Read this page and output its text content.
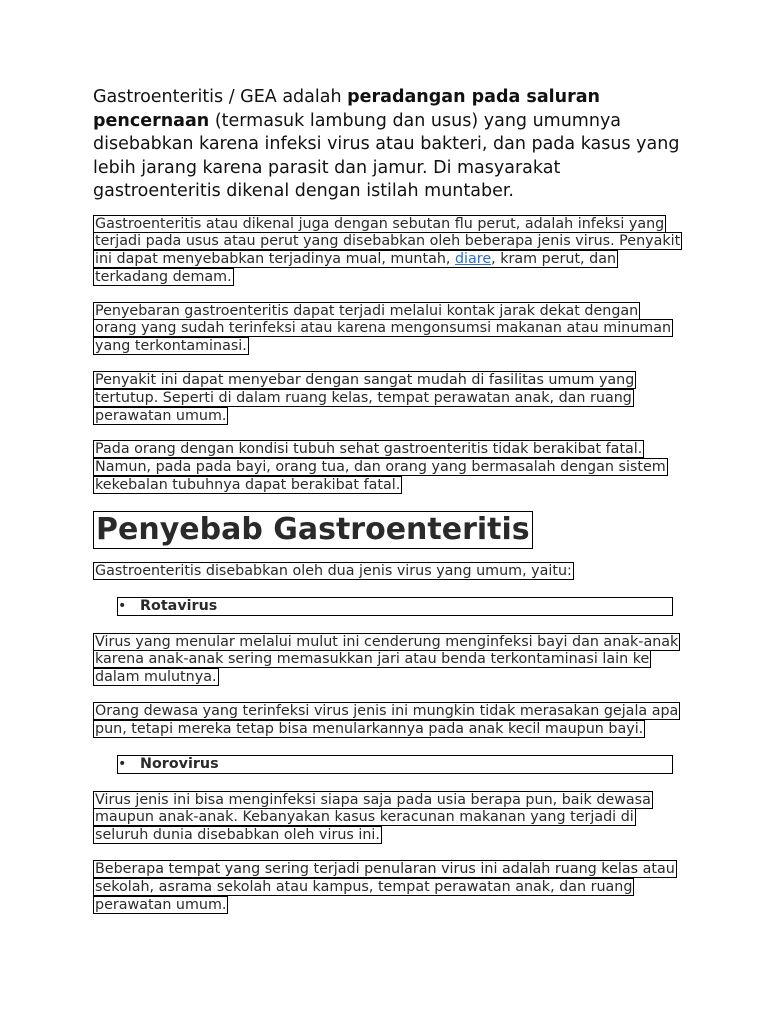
Gastroenteritis / GEA adalah peradangan pada saluran pencernaan (termasuk lambung dan usus) yang umumnya disebabkan karena infeksi virus atau bakteri, dan pada kasus yang lebih jarang karena parasit dan jamur. Di masyarakat gastroenteritis dikenal dengan istilah muntaber.

Gastroenteritis atau dikenal juga dengan sebutan flu perut, adalah infeksi yang terjadi pada usus atau perut yang disebabkan oleh beberapa jenis virus. Penyakit ini dapat menyebabkan terjadinya mual, muntah, diare, kram perut, dan terkadang demam.

Penyebaran gastroenteritis dapat terjadi melalui kontak jarak dekat dengan orang yang sudah terinfeksi atau karena mengonsumsi makanan atau minuman yang terkontaminasi.

Penyakit ini dapat menyebar dengan sangat mudah di fasilitas umum yang tertutup. Seperti di dalam ruang kelas, tempat perawatan anak, dan ruang perawatan umum.

Pada orang dengan kondisi tubuh sehat gastroenteritis tidak berakibat fatal. Namun, pada pada bayi, orang tua, dan orang yang bermasalah dengan sistem kekebalan tubuhnya dapat berakibat fatal.

Penyebab Gastroenteritis

Gastroenteritis disebabkan oleh dua jenis virus yang umum, yaitu:

• Rotavirus

Virus yang menular melalui mulut ini cenderung menginfeksi bayi dan anak-anak karena anak-anak sering memasukkan jari atau benda terkontaminasi lain ke dalam mulutnya.

Orang dewasa yang terinfeksi virus jenis ini mungkin tidak merasakan gejala apa pun, tetapi mereka tetap bisa menularkannya pada anak kecil maupun bayi.

• Norovirus

Virus jenis ini bisa menginfeksi siapa saja pada usia berapa pun, baik dewasa maupun anak-anak. Kebanyakan kasus keracunan makanan yang terjadi di seluruh dunia disebabkan oleh virus ini.

Beberapa tempat yang sering terjadi penularan virus ini adalah ruang kelas atau sekolah, asrama sekolah atau kampus, tempat perawatan anak, dan ruang perawatan umum.
